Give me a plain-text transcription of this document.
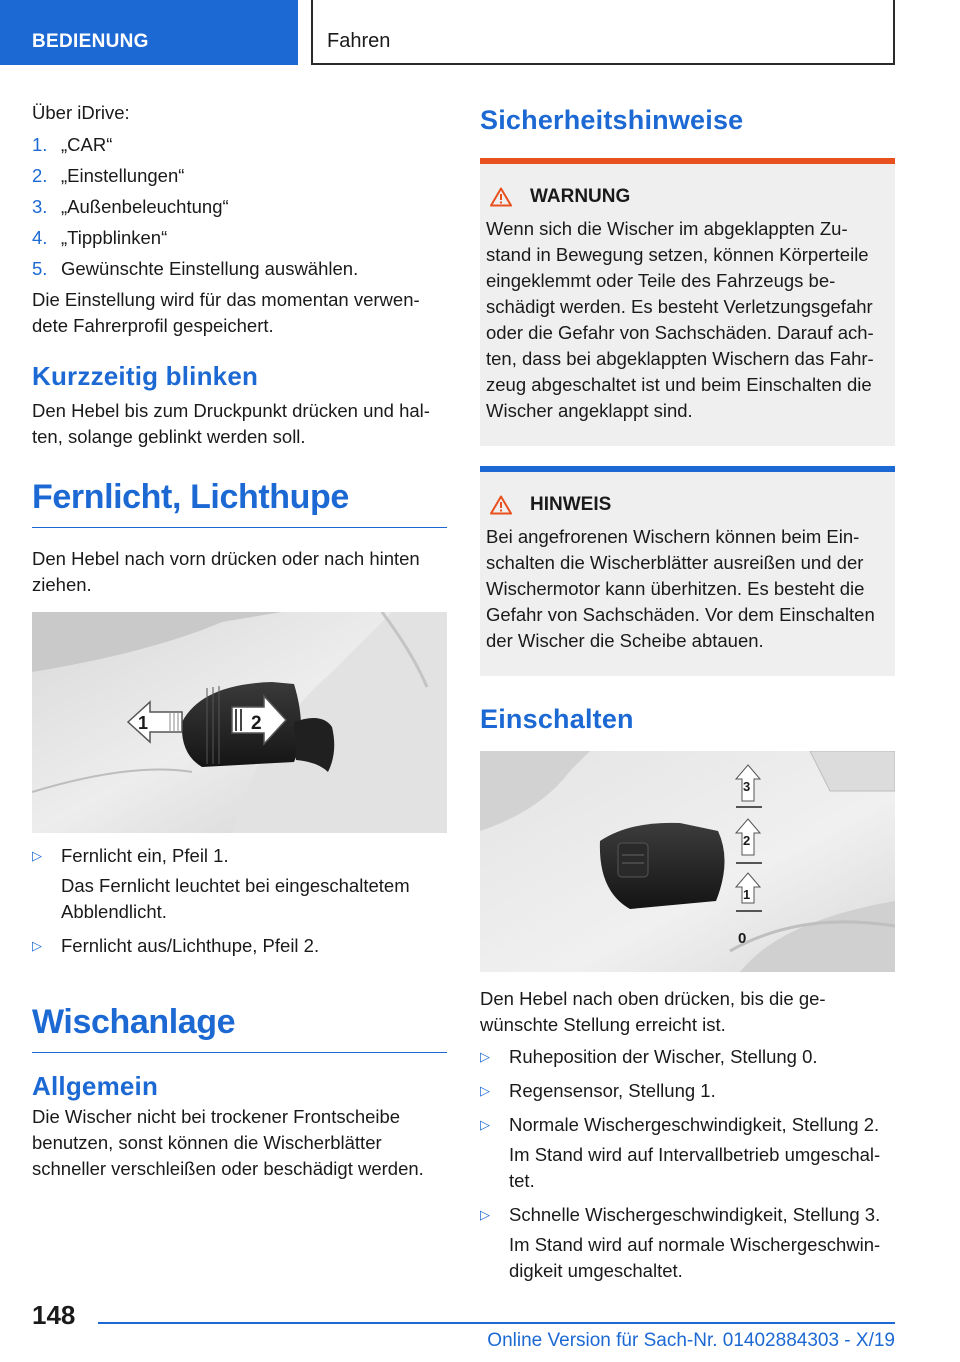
BEDIENUNG	Fahren

Über iDrive:

1. „CAR“
2. „Einstellungen“
3. „Außenbeleuchtung“
4. „Tippblinken“
5. Gewünschte Einstellung auswählen.

Die Einstellung wird für das momentan verwen-dete Fahrerprofil gespeichert.

Kurzzeitig blinken

Den Hebel bis zum Druckpunkt drücken und hal-ten, solange geblinkt werden soll.

Fernlicht, Lichthupe

Den Hebel nach vorn drücken oder nach hinten ziehen.

1	2
▷	Fernlicht ein, Pfeil 1.
Das Fernlicht leuchtet bei eingeschaltetem Abblendlicht.
▷	Fernlicht aus/Lichthupe, Pfeil 2.
Wischanlage
Allgemein

Die Wischer nicht bei trockener Frontscheibe benutzen, sonst können die Wischerblätter schneller verschleißen oder beschädigt werden.

Sicherheitshinweise
WARNUNG
Wenn sich die Wischer im abgeklappten Zu-stand in Bewegung setzen, können Körperteile eingeklemmt oder Teile des Fahrzeugs be-schädigt werden. Es besteht Verletzungsgefahr oder die Gefahr von Sachschäden. Darauf ach-ten, dass bei abgeklappten Wischern das Fahr-zeug abgeschaltet ist und beim Einschalten die Wischer angeklappt sind.
HINWEIS
Bei angefrorenen Wischern können beim Ein-schalten die Wischerblätter ausreißen und der Wischermotor kann überhitzen. Es besteht die Gefahr von Sachschäden. Vor dem Einschalten der Wischer die Scheibe abtauen.
Einschalten
3
2
1
0

Den Hebel nach oben drücken, bis die ge-wünschte Stellung erreicht ist.

▷	Ruheposition der Wischer, Stellung 0.
▷	Regensensor, Stellung 1.
▷	Normale Wischergeschwindigkeit, Stellung 2.
Im Stand wird auf Intervallbetrieb umgeschal-tet.
▷	Schnelle Wischergeschwindigkeit, Stellung 3.
Im Stand wird auf normale Wischergeschwin-digkeit umgeschaltet.
148
Online Version für Sach-Nr. 01402884303 - X/19
